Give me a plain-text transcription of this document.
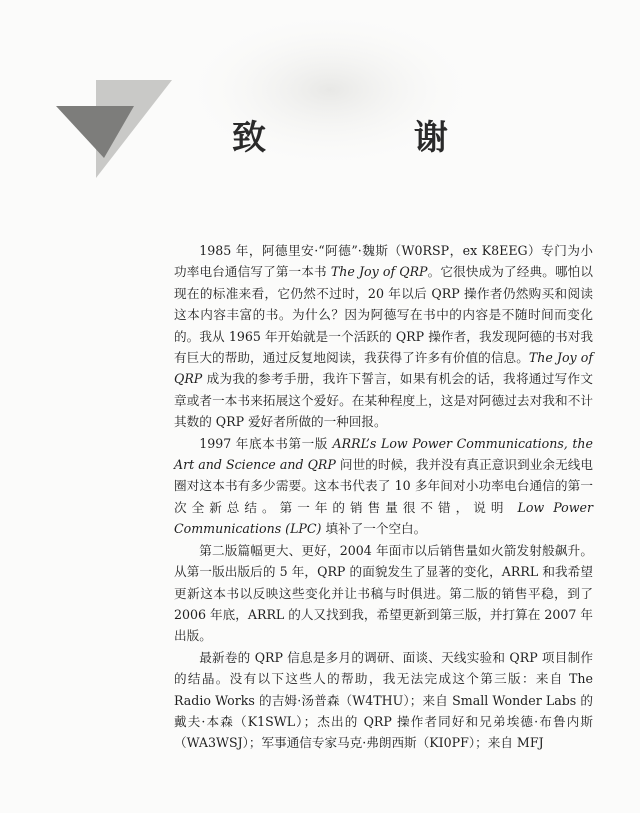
致 谢

1985 年，阿德里安·“阿德”·魏斯（W0RSP，ex K8EEG）专门为小功率电台通信写了第一本书 The Joy of QRP。它很快成为了经典。哪怕以现在的标准来看，它仍然不过时，20 年以后 QRP 操作者仍然购买和阅读这本内容丰富的书。为什么？因为阿德写在书中的内容是不随时间而变化的。我从 1965 年开始就是一个活跃的 QRP 操作者，我发现阿德的书对我有巨大的帮助，通过反复地阅读，我获得了许多有价值的信息。The Joy of QRP 成为我的参考手册，我许下誓言，如果有机会的话，我将通过写作文章或者一本书来拓展这个爱好。在某种程度上，这是对阿德过去对我和不计其数的 QRP 爱好者所做的一种回报。

1997 年底本书第一版 ARRL’s Low Power Communications, the Art and Science and QRP 问世的时候，我并没有真正意识到业余无线电圈对这本书有多少需要。这本书代表了 10 多年间对小功率电台通信的第一次全新总结。第一年的销售量很不错，说明 Low Power Communications (LPC) 填补了一个空白。

第二版篇幅更大、更好，2004 年面市以后销售量如火箭发射般飙升。从第一版出版后的 5 年，QRP 的面貌发生了显著的变化，ARRL 和我希望更新这本书以反映这些变化并让书稿与时俱进。第二版的销售平稳，到了 2006 年底，ARRL 的人又找到我，希望更新到第三版，并打算在 2007 年出版。

最新卷的 QRP 信息是多月的调研、面谈、天线实验和 QRP 项目制作的结晶。没有以下这些人的帮助，我无法完成这个第三版：来自 The Radio Works 的吉姆·汤普森（W4THU）；来自 Small Wonder Labs 的戴夫·本森（K1SWL）；杰出的 QRP 操作者同好和兄弟埃德·布鲁内斯（WA3WSJ）；军事通信专家马克·弗朗西斯（KI0PF）；来自 MFJ
